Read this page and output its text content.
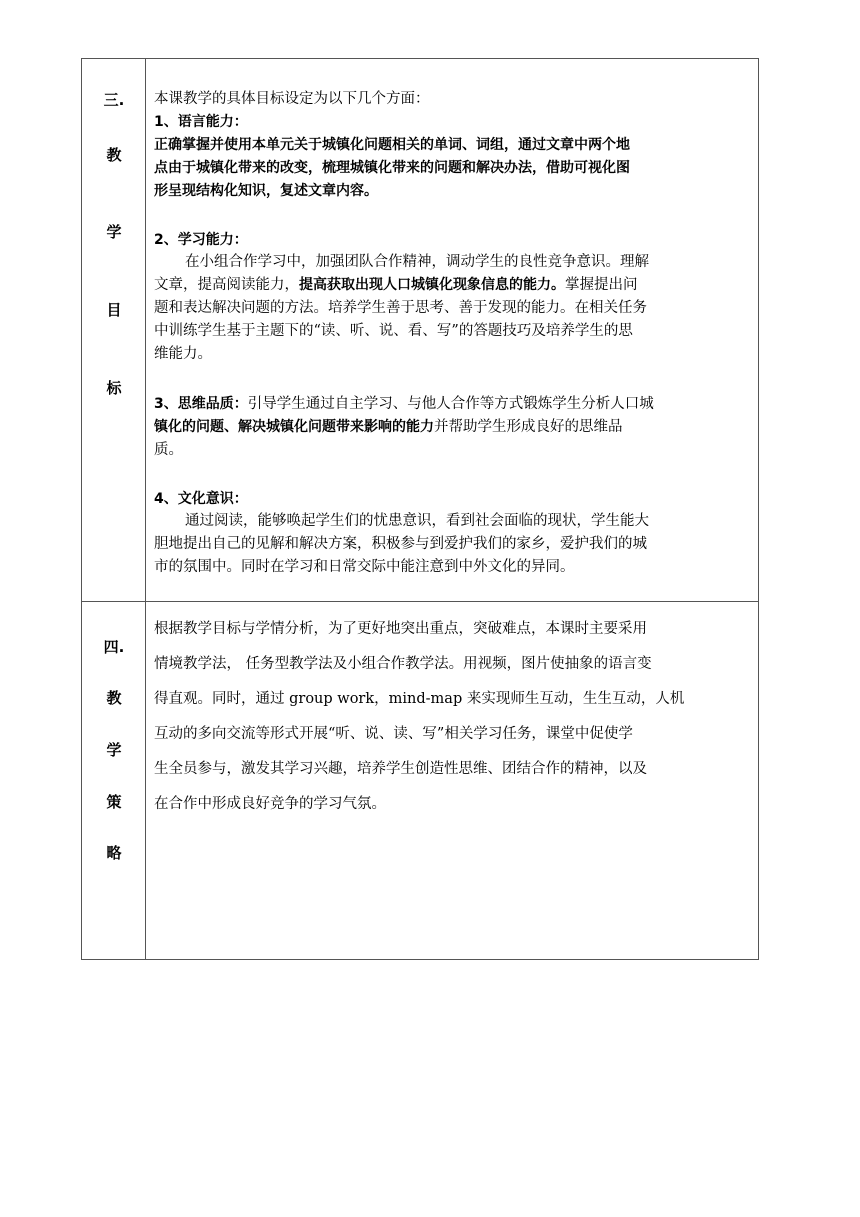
三.
教
学
目
标
本课教学的具体目标设定为以下几个方面：
1、语言能力：
正确掌握并使用本单元关于城镇化问题相关的单词、词组，通过文章中两个地
点由于城镇化带来的改变，梳理城镇化带来的问题和解决办法，借助可视化图
形呈现结构化知识，复述文章内容。
2、学习能力：
在小组合作学习中，加强团队合作精神，调动学生的良性竞争意识。理解
文章，提高阅读能力，提高获取出现人口城镇化现象信息的能力。掌握提出问
题和表达解决问题的方法。培养学生善于思考、善于发现的能力。在相关任务
中训练学生基于主题下的“读、听、说、看、写”的答题技巧及培养学生的思
维能力。
3、思维品质：引导学生通过自主学习、与他人合作等方式锻炼学生分析人口城
镇化的问题、解决城镇化问题带来影响的能力并帮助学生形成良好的思维品
质。
4、文化意识：
通过阅读，能够唤起学生们的忧患意识，看到社会面临的现状，学生能大
胆地提出自己的见解和解决方案，积极参与到爱护我们的家乡，爱护我们的城
市的氛围中。同时在学习和日常交际中能注意到中外文化的异同。
四.
教
学
策
略
根据教学目标与学情分析，为了更好地突出重点，突破难点，本课时主要采用
情境教学法， 任务型教学法及小组合作教学法。用视频，图片使抽象的语言变
得直观。同时，通过 group work，mind-map 来实现师生互动，生生互动，人机
互动的多向交流等形式开展“听、说、读、写”相关学习任务，课堂中促使学
生全员参与，激发其学习兴趣，培养学生创造性思维、团结合作的精神，以及
在合作中形成良好竞争的学习气氛。
